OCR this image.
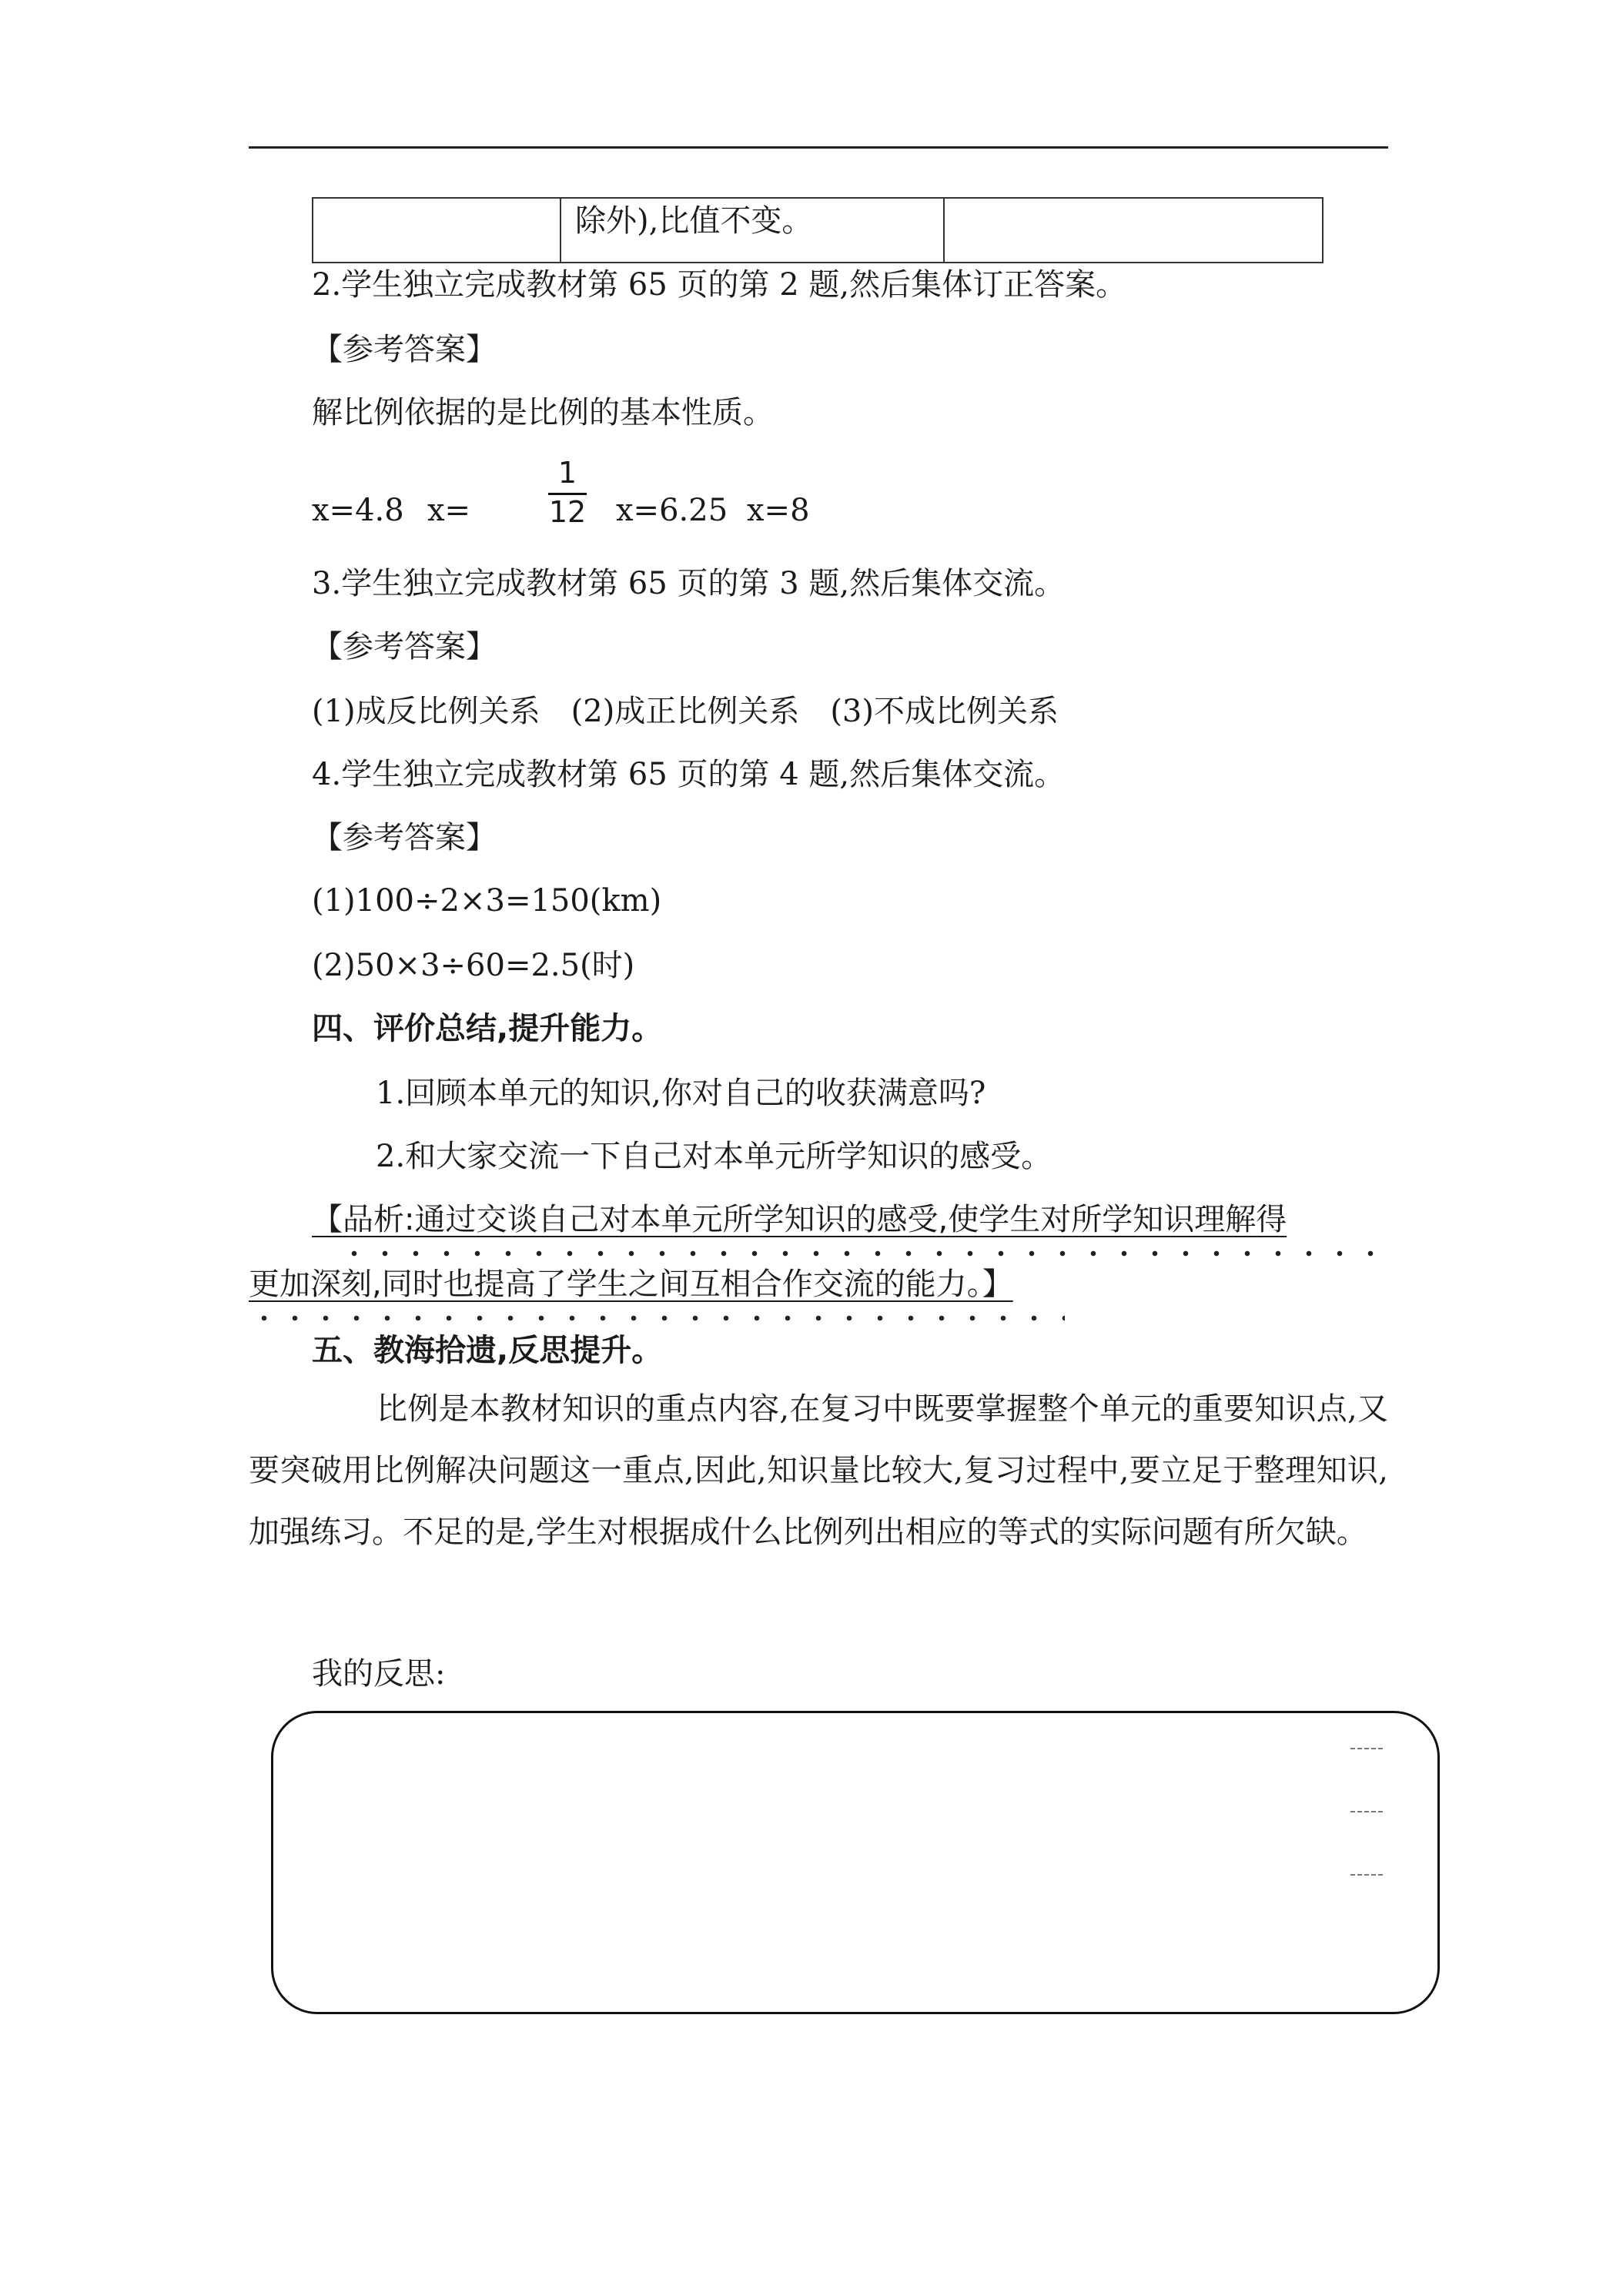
	除外),比值不变。	
2.学生独立完成教材第 65 页的第 2 题,然后集体订正答案。
【参考答案】
解比例依据的是比例的基本性质。
x=4.8 x=	x=6.25 x=8
1
12
3.学生独立完成教材第 65 页的第 3 题,然后集体交流。
【参考答案】
(1)成反比例关系　(2)成正比例关系　(3)不成比例关系
4.学生独立完成教材第 65 页的第 4 题,然后集体交流。
【参考答案】
(1)100÷2×3=150(km)
(2)50×3÷60=2.5(时)
四、评价总结,提升能力。
1.回顾本单元的知识,你对自己的收获满意吗?
2.和大家交流一下自己对本单元所学知识的感受。
【品析:通过交谈自己对本单元所学知识的感受,使学生对所学知识理解得
更加深刻,同时也提高了学生之间互相合作交流的能力。】
五、教海拾遗,反思提升。
比例是本教材知识的重点内容,在复习中既要掌握整个单元的重要知识点,又要突破用比例解决问题这一重点,因此,知识量比较大,复习过程中,要立足于整理知识,加强练习。不足的是,学生对根据成什么比例列出相应的等式的实际问题有所欠缺。
我的反思:
